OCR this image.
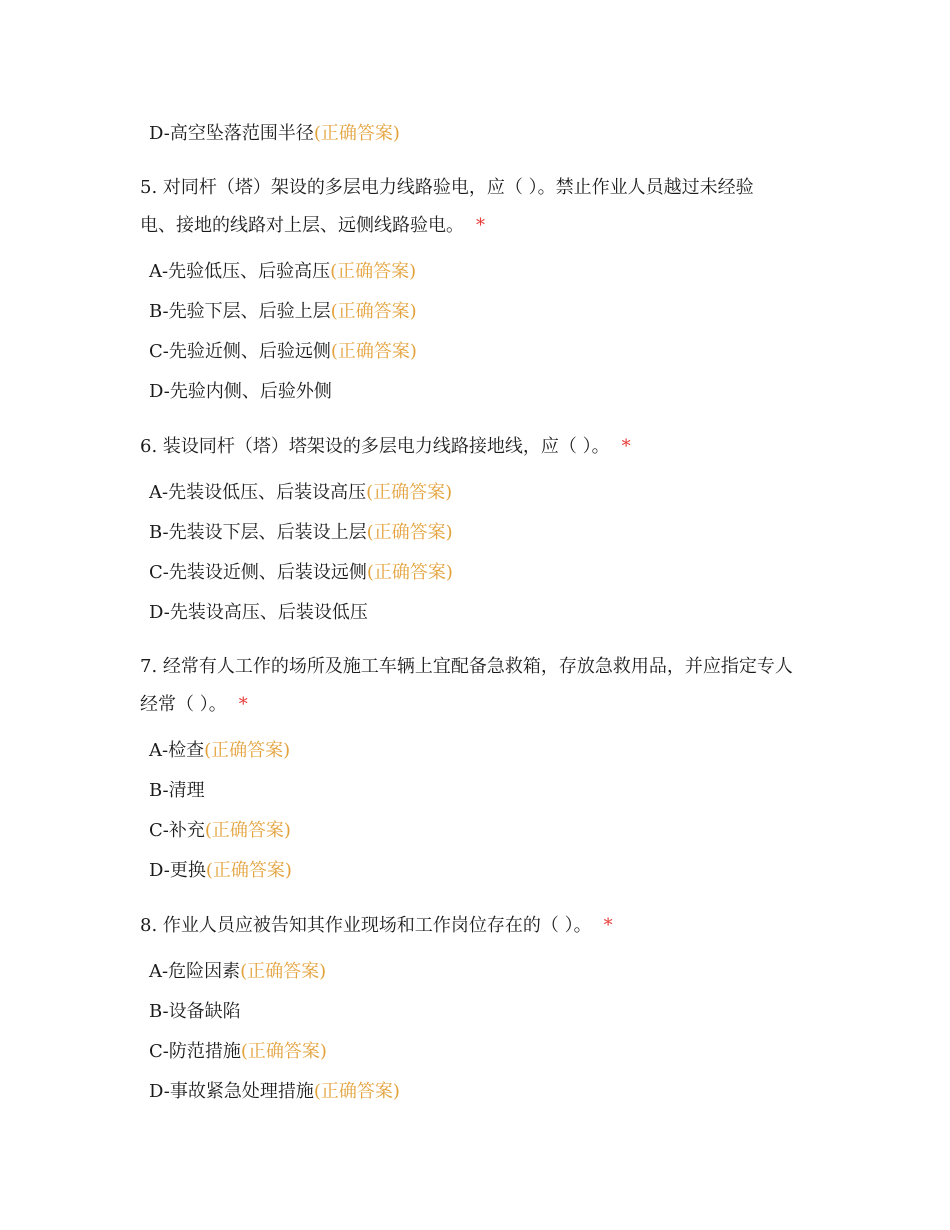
D-高空坠落范围半径(正确答案)
5. 对同杆（塔）架设的多层电力线路验电，应（ ）。禁止作业人员越过未经验
电、接地的线路对上层、远侧线路验电。 *
A-先验低压、后验高压(正确答案)
B-先验下层、后验上层(正确答案)
C-先验近侧、后验远侧(正确答案)
D-先验内侧、后验外侧
6. 装设同杆（塔）塔架设的多层电力线路接地线，应（ ）。 *
A-先装设低压、后装设高压(正确答案)
B-先装设下层、后装设上层(正确答案)
C-先装设近侧、后装设远侧(正确答案)
D-先装设高压、后装设低压
7. 经常有人工作的场所及施工车辆上宜配备急救箱，存放急救用品，并应指定专人
经常（ ）。 *
A-检查(正确答案)
B-清理
C-补充(正确答案)
D-更换(正确答案)
8. 作业人员应被告知其作业现场和工作岗位存在的（ ）。 *
A-危险因素(正确答案)
B-设备缺陷
C-防范措施(正确答案)
D-事故紧急处理措施(正确答案)
